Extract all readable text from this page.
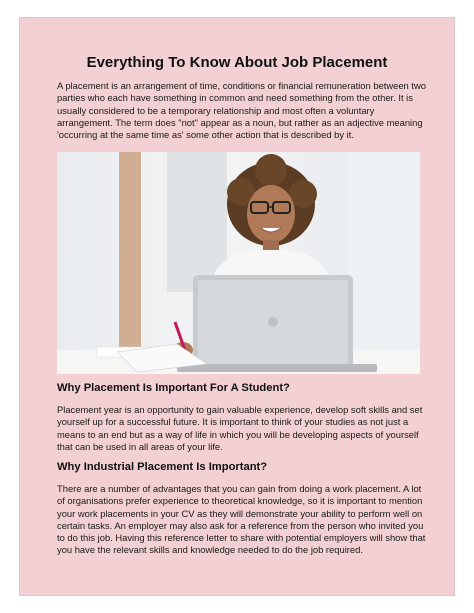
Everything To Know About Job Placement

A placement is an arrangement of time, conditions or financial remuneration between two parties who each have something in common and need something from the other. It is usually considered to be a temporary relationship and most often a voluntary arrangement. The term does "not" appear as a noun, but rather as an adjective meaning 'occurring at the same time as' some other action that is described by it.

Why Placement Is Important For A Student?

Placement year is an opportunity to gain valuable experience, develop soft skills and set yourself up for a successful future. It is important to think of your studies as not just a means to an end but as a way of life in which you will be developing aspects of yourself that can be used in all areas of your life.

Why Industrial Placement Is Important?

There are a number of advantages that you can gain from doing a work placement. A lot of organisations prefer experience to theoretical knowledge, so it is important to mention your work placements in your CV as they will demonstrate your ability to perform well on certain tasks. An employer may also ask for a reference from the person who invited you to do this job. Having this reference letter to share with potential employers will show that you have the relevant skills and knowledge needed to do the job required.
